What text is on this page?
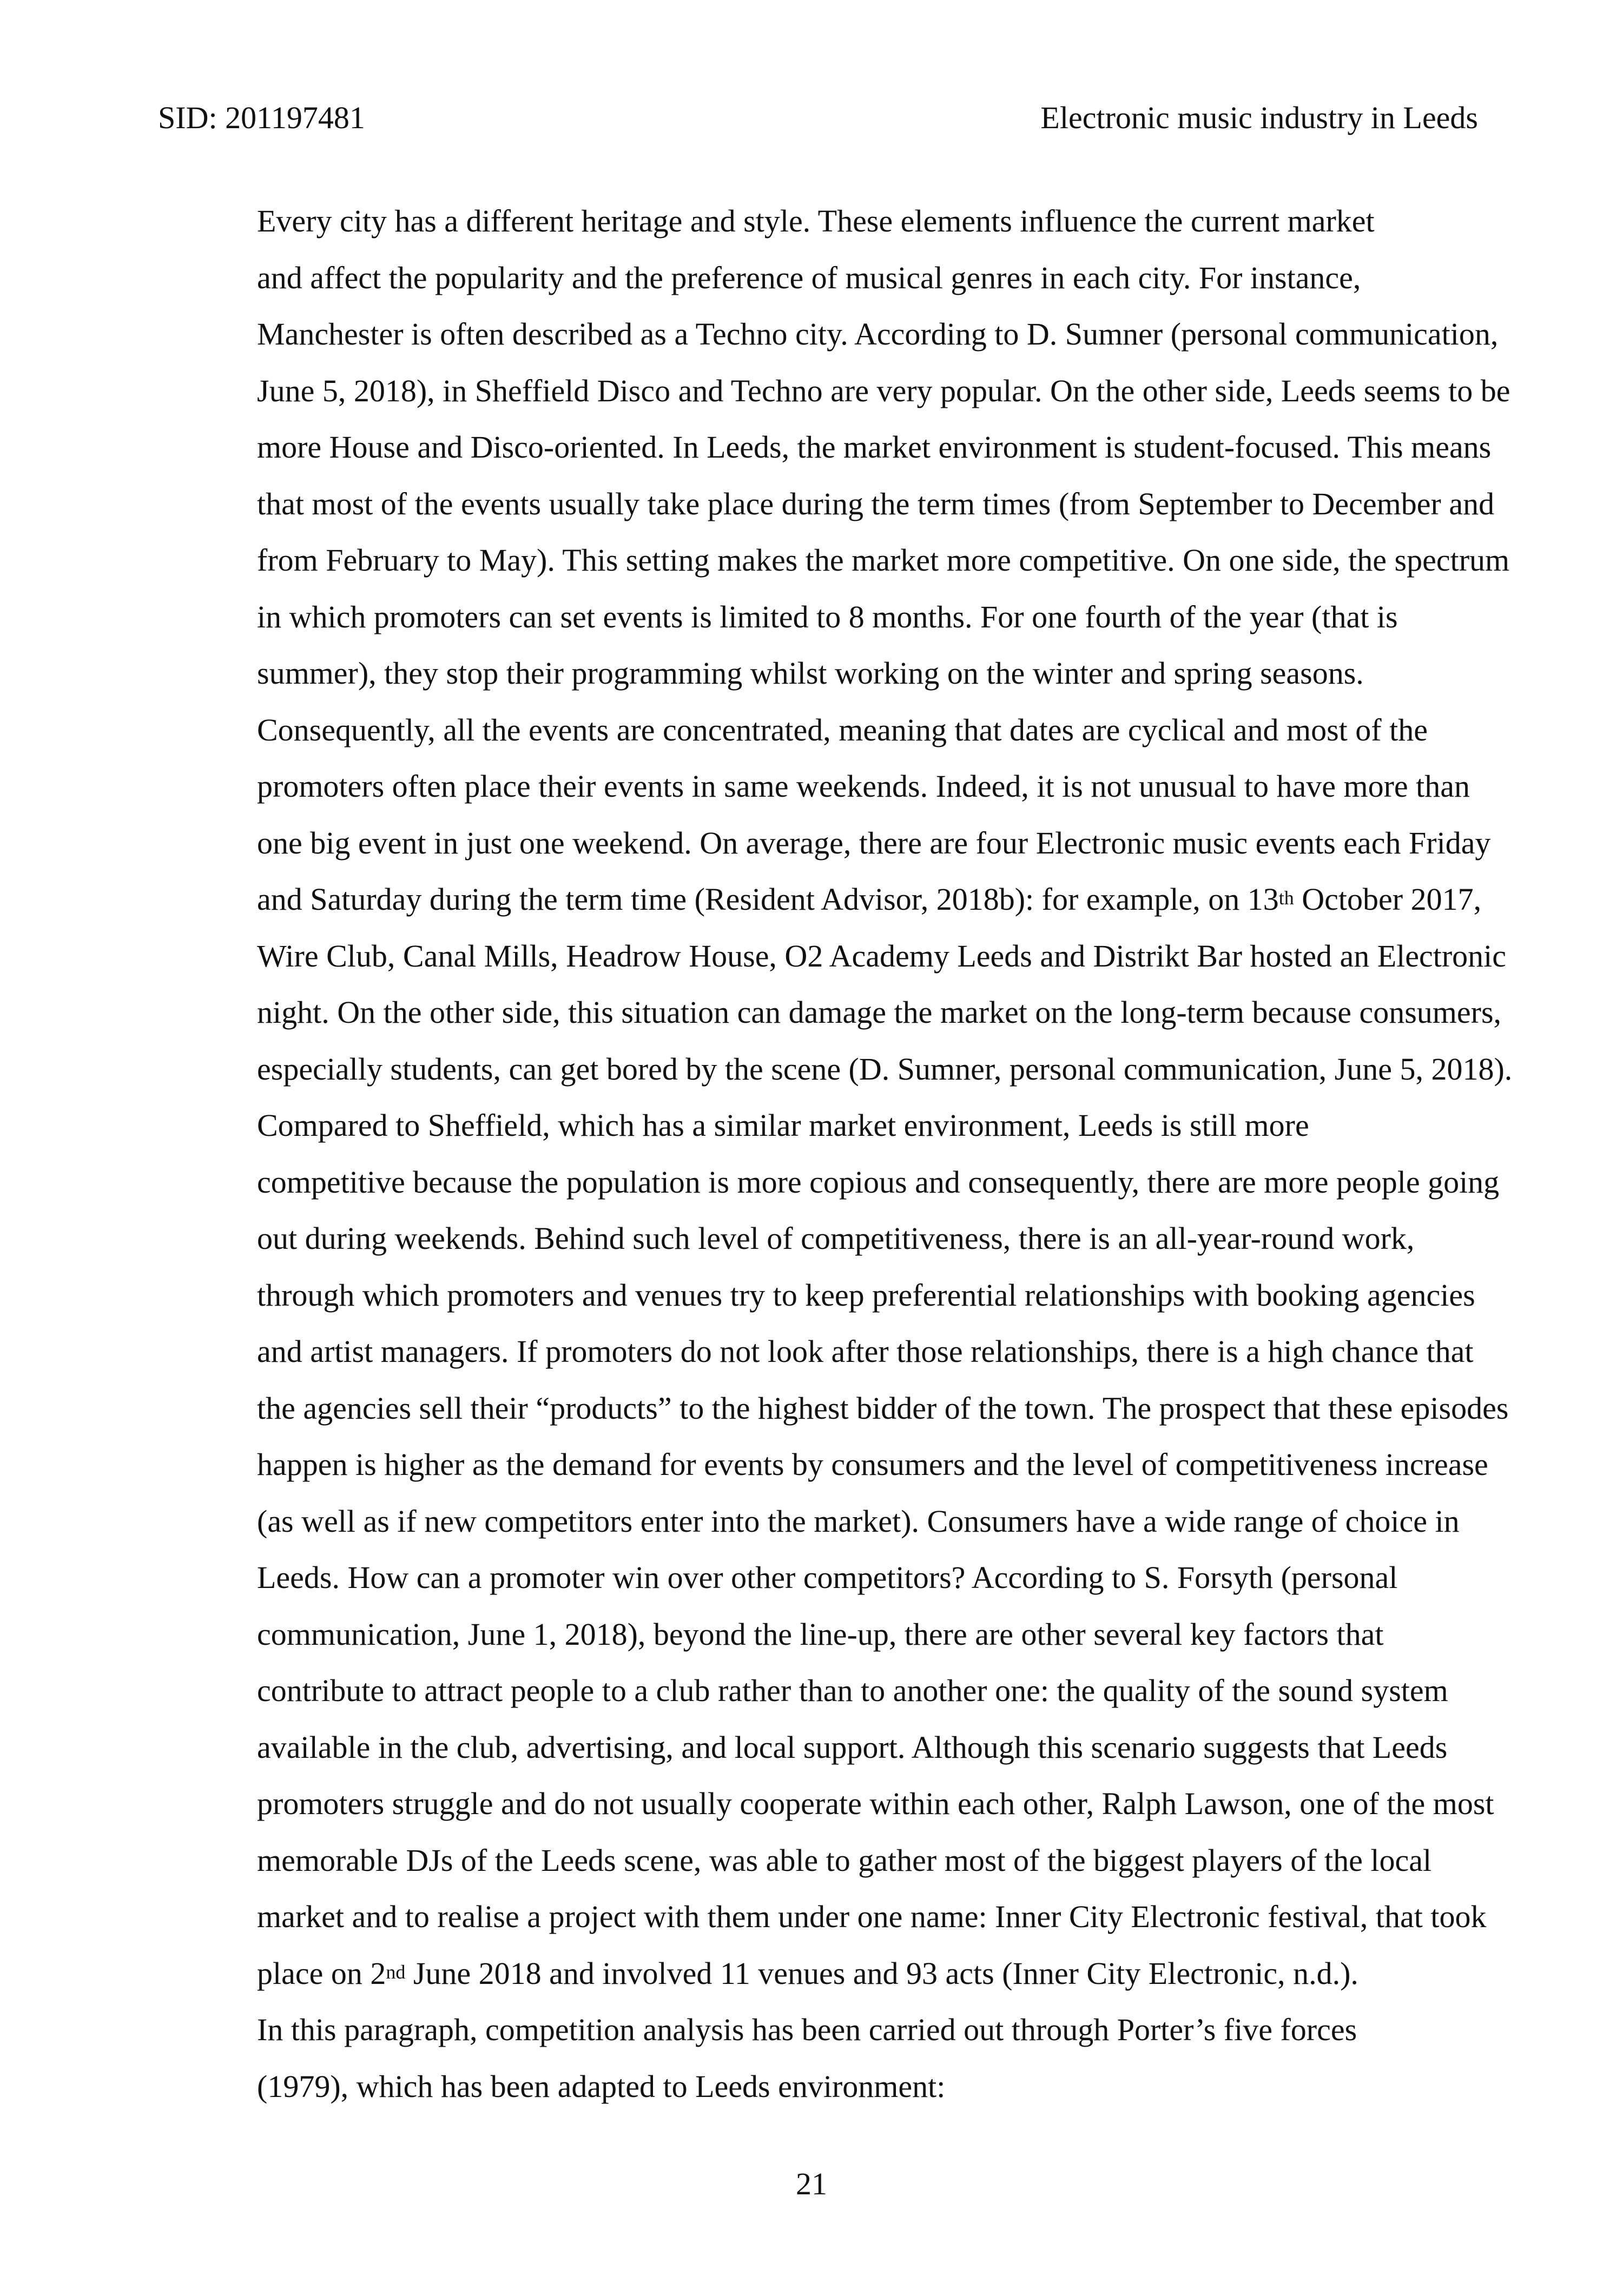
SID: 201197481	Electronic music industry in Leeds

Every city has a different heritage and style. These elements influence the current market
and affect the popularity and the preference of musical genres in each city. For instance,
Manchester is often described as a Techno city. According to D. Sumner (personal communication,
June 5, 2018), in Sheffield Disco and Techno are very popular. On the other side, Leeds seems to be
more House and Disco-oriented. In Leeds, the market environment is student-focused. This means
that most of the events usually take place during the term times (from September to December and
from February to May). This setting makes the market more competitive. On one side, the spectrum
in which promoters can set events is limited to 8 months. For one fourth of the year (that is
summer), they stop their programming whilst working on the winter and spring seasons.
Consequently, all the events are concentrated, meaning that dates are cyclical and most of the
promoters often place their events in same weekends. Indeed, it is not unusual to have more than
one big event in just one weekend. On average, there are four Electronic music events each Friday
and Saturday during the term time (Resident Advisor, 2018b): for example, on 13th October 2017,
Wire Club, Canal Mills, Headrow House, O2 Academy Leeds and Distrikt Bar hosted an Electronic
night. On the other side, this situation can damage the market on the long-term because consumers,
especially students, can get bored by the scene (D. Sumner, personal communication, June 5, 2018).

Compared to Sheffield, which has a similar market environment, Leeds is still more
competitive because the population is more copious and consequently, there are more people going
out during weekends. Behind such level of competitiveness, there is an all-year-round work,
through which promoters and venues try to keep preferential relationships with booking agencies
and artist managers. If promoters do not look after those relationships, there is a high chance that
the agencies sell their “products” to the highest bidder of the town. The prospect that these episodes
happen is higher as the demand for events by consumers and the level of competitiveness increase
(as well as if new competitors enter into the market). Consumers have a wide range of choice in
Leeds. How can a promoter win over other competitors? According to S. Forsyth (personal
communication, June 1, 2018), beyond the line-up, there are other several key factors that
contribute to attract people to a club rather than to another one: the quality of the sound system
available in the club, advertising, and local support. Although this scenario suggests that Leeds
promoters struggle and do not usually cooperate within each other, Ralph Lawson, one of the most
memorable DJs of the Leeds scene, was able to gather most of the biggest players of the local
market and to realise a project with them under one name: Inner City Electronic festival, that took
place on 2nd June 2018 and involved 11 venues and 93 acts (Inner City Electronic, n.d.).

In this paragraph, competition analysis has been carried out through Porter’s five forces
(1979), which has been adapted to Leeds environment:

21
